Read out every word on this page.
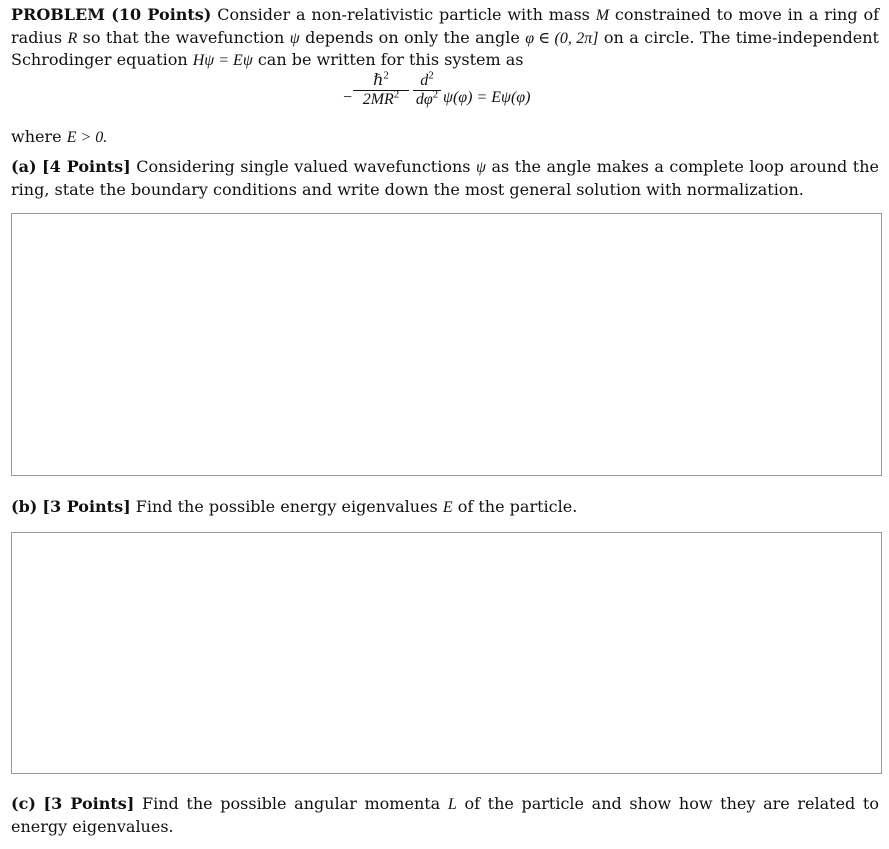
PROBLEM (10 Points) Consider a non-relativistic particle with mass M constrained to move in a ring of radius R so that the wavefunction ψ depends on only the angle φ ∈ (0, 2π] on a circle. The time-independent Schrodinger equation Hψ = Eψ can be written for this system as
−
ℏ$^2$
$2MR^2 \frac{d^2}{d\varphi^2} \psi(\varphi) = E\psi(\varphi)$
where E > 0.
(a) [4 Points] Considering single valued wavefunctions ψ as the angle makes a complete loop around the ring, state the boundary conditions and write down the most general solution with normalization.
(b) [3 Points] Find the possible energy eigenvalues E of the particle.
(c) [3 Points] Find the possible angular momenta L of the particle and show how they are related to energy eigenvalues.
